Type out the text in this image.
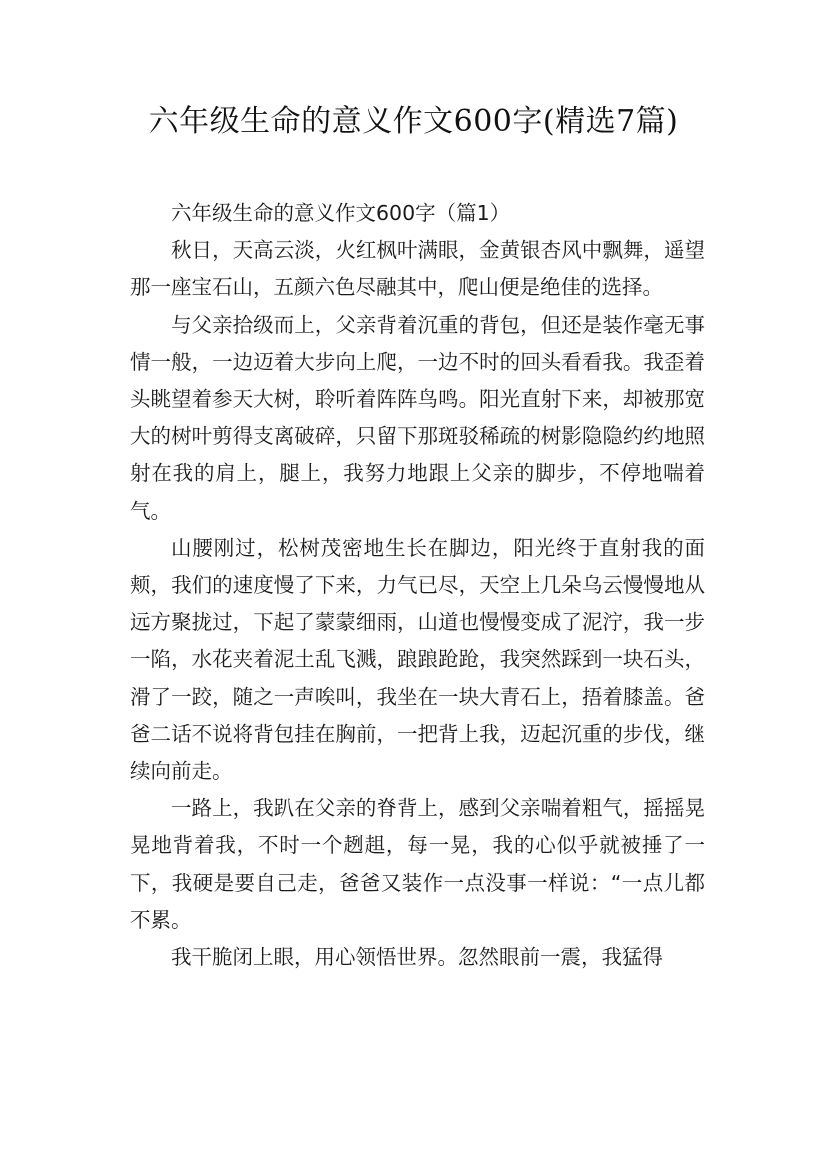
六年级生命的意义作文600字(精选7篇)

六年级生命的意义作文600字（篇1）

秋日，天高云淡，火红枫叶满眼，金黄银杏风中飘舞，遥望那一座宝石山，五颜六色尽融其中，爬山便是绝佳的选择。

与父亲拾级而上，父亲背着沉重的背包，但还是装作毫无事情一般，一边迈着大步向上爬，一边不时的回头看看我。我歪着头眺望着参天大树，聆听着阵阵鸟鸣。阳光直射下来，却被那宽大的树叶剪得支离破碎，只留下那斑驳稀疏的树影隐隐约约地照射在我的肩上，腿上，我努力地跟上父亲的脚步，不停地喘着气。

山腰刚过，松树茂密地生长在脚边，阳光终于直射我的面颊，我们的速度慢了下来，力气已尽，天空上几朵乌云慢慢地从远方聚拢过，下起了蒙蒙细雨，山道也慢慢变成了泥泞，我一步一陷，水花夹着泥土乱飞溅，踉踉跄跄，我突然踩到一块石头，滑了一跤，随之一声唉叫，我坐在一块大青石上，捂着膝盖。爸爸二话不说将背包挂在胸前，一把背上我，迈起沉重的步伐，继续向前走。

一路上，我趴在父亲的脊背上，感到父亲喘着粗气，摇摇晃晃地背着我，不时一个趔趄，每一晃，我的心似乎就被捶了一下，我硬是要自己走，爸爸又装作一点没事一样说：“一点儿都不累。

我干脆闭上眼，用心领悟世界。忽然眼前一震，我猛得
